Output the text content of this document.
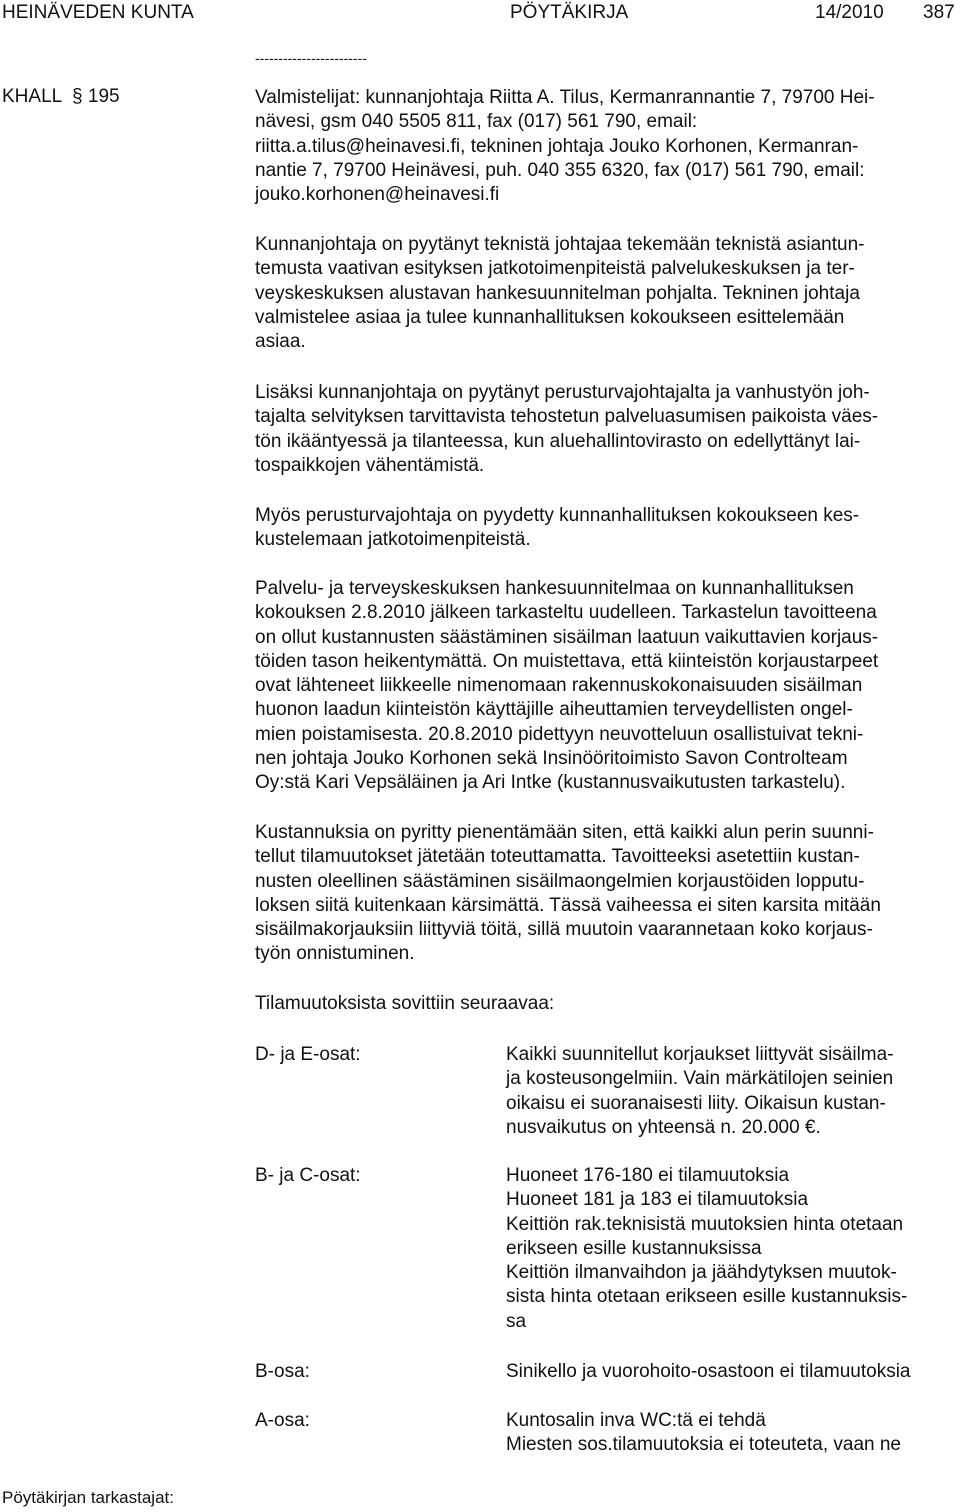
HEINÄVEDEN KUNTA	PÖYTÄKIRJA	14/2010 387
------------------------
KHALL  § 195	Valmistelijat: kunnanjohtaja Riitta A. Tilus, Kermanrannantie 7, 79700 Hei-
nävesi, gsm 040 5505 811, fax (017) 561 790, email:
riitta.a.tilus@heinavesi.fi, tekninen johtaja Jouko Korhonen, Kermanran-
nantie 7, 79700 Heinävesi, puh. 040 355 6320, fax (017) 561 790, email:
jouko.korhonen@heinavesi.fi
Kunnanjohtaja on pyytänyt teknistä johtajaa tekemään teknistä asiantun-
temusta vaativan esityksen jatkotoimenpiteistä palvelukeskuksen ja ter-
veyskeskuksen alustavan hankesuunnitelman pohjalta. Tekninen johtaja
valmistelee asiaa ja tulee kunnanhallituksen kokoukseen esittelemään
asiaa.
Lisäksi kunnanjohtaja on pyytänyt perusturvajohtajalta ja vanhustyön joh-
tajalta selvityksen tarvittavista tehostetun palveluasumisen paikoista väes-
tön ikääntyessä ja tilanteessa, kun aluehallintovirasto on edellyttänyt lai-
tospaikkojen vähentämistä.
Myös perusturvajohtaja on pyydetty kunnanhallituksen kokoukseen kes-
kustelemaan jatkotoimenpiteistä.
Palvelu- ja terveyskeskuksen hankesuunnitelmaa on kunnanhallituksen
kokouksen 2.8.2010 jälkeen tarkasteltu uudelleen. Tarkastelun tavoitteena
on ollut kustannusten säästäminen sisäilman laatuun vaikuttavien korjaus-
töiden tason heikentymättä. On muistettava, että kiinteistön korjaustarpeet
ovat lähteneet liikkeelle nimenomaan rakennuskokonaisuuden sisäilman
huonon laadun kiinteistön käyttäjille aiheuttamien terveydellisten ongel-
mien poistamisesta. 20.8.2010 pidettyyn neuvotteluun osallistuivat tekni-
nen johtaja Jouko Korhonen sekä Insinööritoimisto Savon Controlteam
Oy:stä Kari Vepsäläinen ja Ari Intke (kustannusvaikutusten tarkastelu).
Kustannuksia on pyritty pienentämään siten, että kaikki alun perin suunni-
tellut tilamuutokset jätetään toteuttamatta. Tavoitteeksi asetettiin kustan-
nusten oleellinen säästäminen sisäilmaongelmien korjaustöiden lopputu-
loksen siitä kuitenkaan kärsimättä. Tässä vaiheessa ei siten karsita mitään
sisäilmakorjauksiin liittyviä töitä, sillä muutoin vaarannetaan koko korjaus-
työn onnistuminen.
Tilamuutoksista sovittiin seuraavaa:
D- ja E-osat:	Kaikki suunnitellut korjaukset liittyvät sisäilma-
ja kosteusongelmiin. Vain märkätilojen seinien
oikaisu ei suoranaisesti liity. Oikaisun kustan-
nusvaikutus on yhteensä n. 20.000 €.
B- ja C-osat:	Huoneet 176-180 ei tilamuutoksia
Huoneet 181 ja 183 ei tilamuutoksia
Keittiön rak.teknisistä muutoksien hinta otetaan
erikseen esille kustannuksissa
Keittiön ilmanvaihdon ja jäähdytyksen muutok-
sista hinta otetaan erikseen esille kustannuksis-
sa
B-osa:	Sinikello ja vuorohoito-osastoon ei tilamuutoksia
A-osa:	Kuntosalin inva WC:tä ei tehdä
Miesten sos.tilamuutoksia ei toteuteta, vaan ne
Pöytäkirjan tarkastajat:
